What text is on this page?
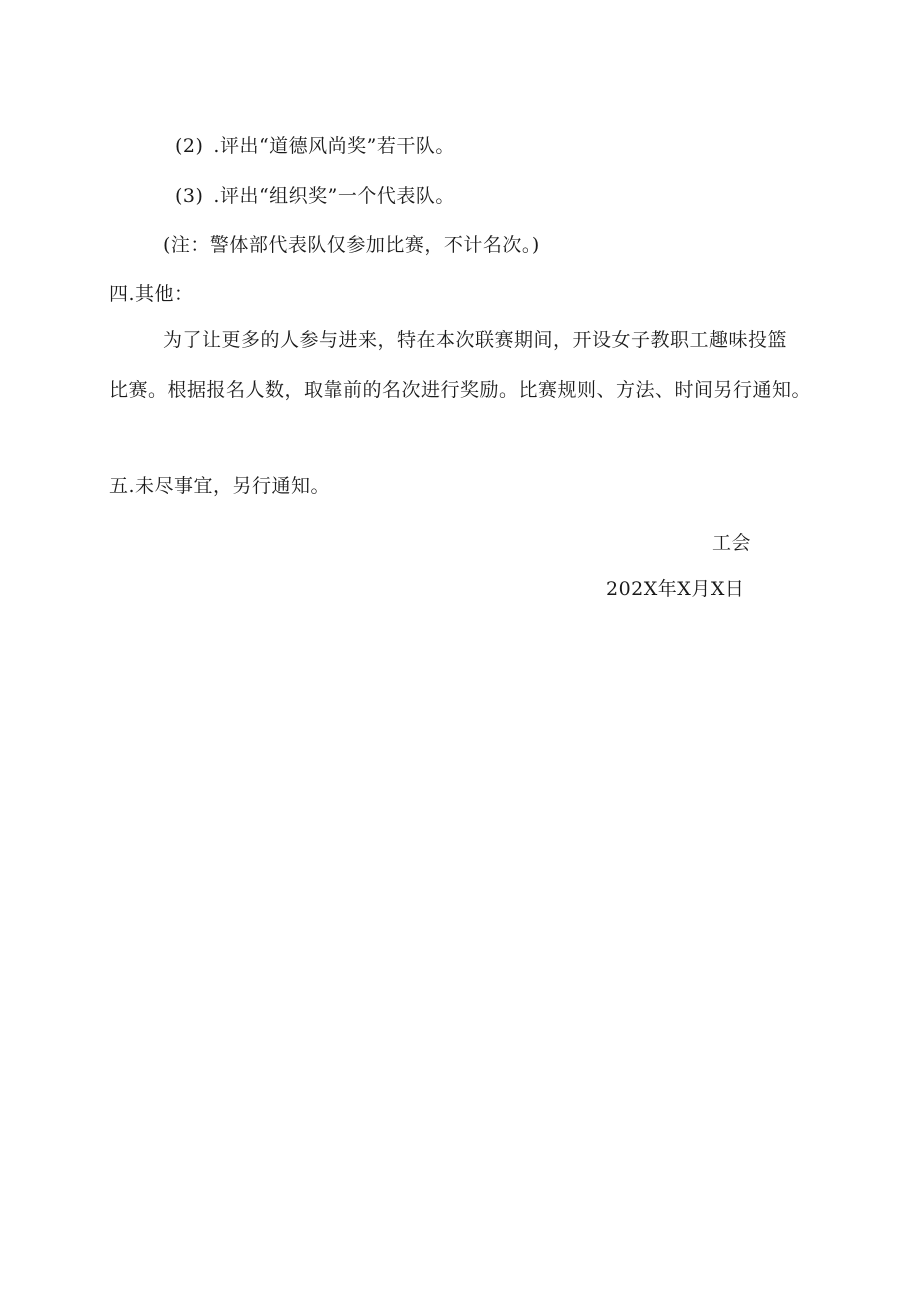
(2) .评出“道德风尚奖”若干队。
(3) .评出“组织奖”一个代表队。
(注：警体部代表队仅参加比赛，不计名次。)
四.其他：
为了让更多的人参与进来，特在本次联赛期间，开设女子教职工趣味投篮
比赛。根据报名人数，取靠前的名次进行奖励。比赛规则、方法、时间另行通知。
五.未尽事宜，另行通知。
工会
202X年X月X日
